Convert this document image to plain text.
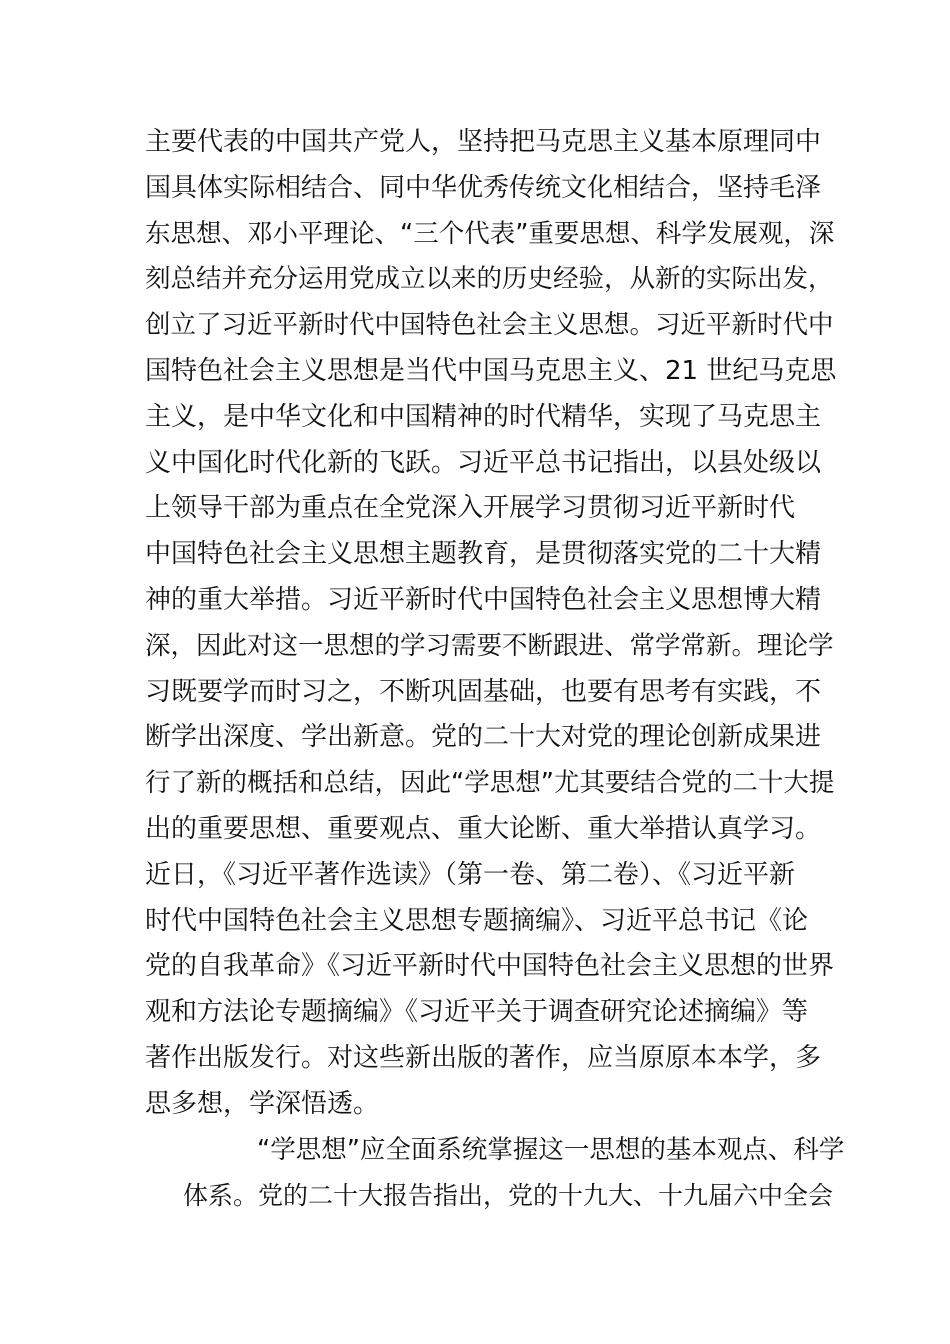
主要代表的中国共产党人，坚持把马克思主义基本原理同中
国具体实际相结合、同中华优秀传统文化相结合，坚持毛泽
东思想、邓小平理论、“三个代表”重要思想、科学发展观，深
刻总结并充分运用党成立以来的历史经验，从新的实际出发，
创立了习近平新时代中国特色社会主义思想。习近平新时代中
国特色社会主义思想是当代中国马克思主义、21 世纪马克思
主义，是中华文化和中国精神的时代精华，实现了马克思主
义中国化时代化新的飞跃。习近平总书记指出，以县处级以
上领导干部为重点在全党深入开展学习贯彻习近平新时代
中国特色社会主义思想主题教育，是贯彻落实党的二十大精
神的重大举措。习近平新时代中国特色社会主义思想博大精
深，因此对这一思想的学习需要不断跟进、常学常新。理论学
习既要学而时习之，不断巩固基础，也要有思考有实践，不
断学出深度、学出新意。党的二十大对党的理论创新成果进
行了新的概括和总结，因此“学思想”尤其要结合党的二十大提
出的重要思想、重要观点、重大论断、重大举措认真学习。
近日，《习近平著作选读》（第一卷、第二卷）、《习近平新
时代中国特色社会主义思想专题摘编》、习近平总书记《论
党的自我革命》《习近平新时代中国特色社会主义思想的世界
观和方法论专题摘编》《习近平关于调查研究论述摘编》等
著作出版发行。对这些新出版的著作，应当原原本本学，多
思多想，学深悟透。
“学思想”应全面系统掌握这一思想的基本观点、科学
体系。党的二十大报告指出，党的十九大、十九届六中全会
